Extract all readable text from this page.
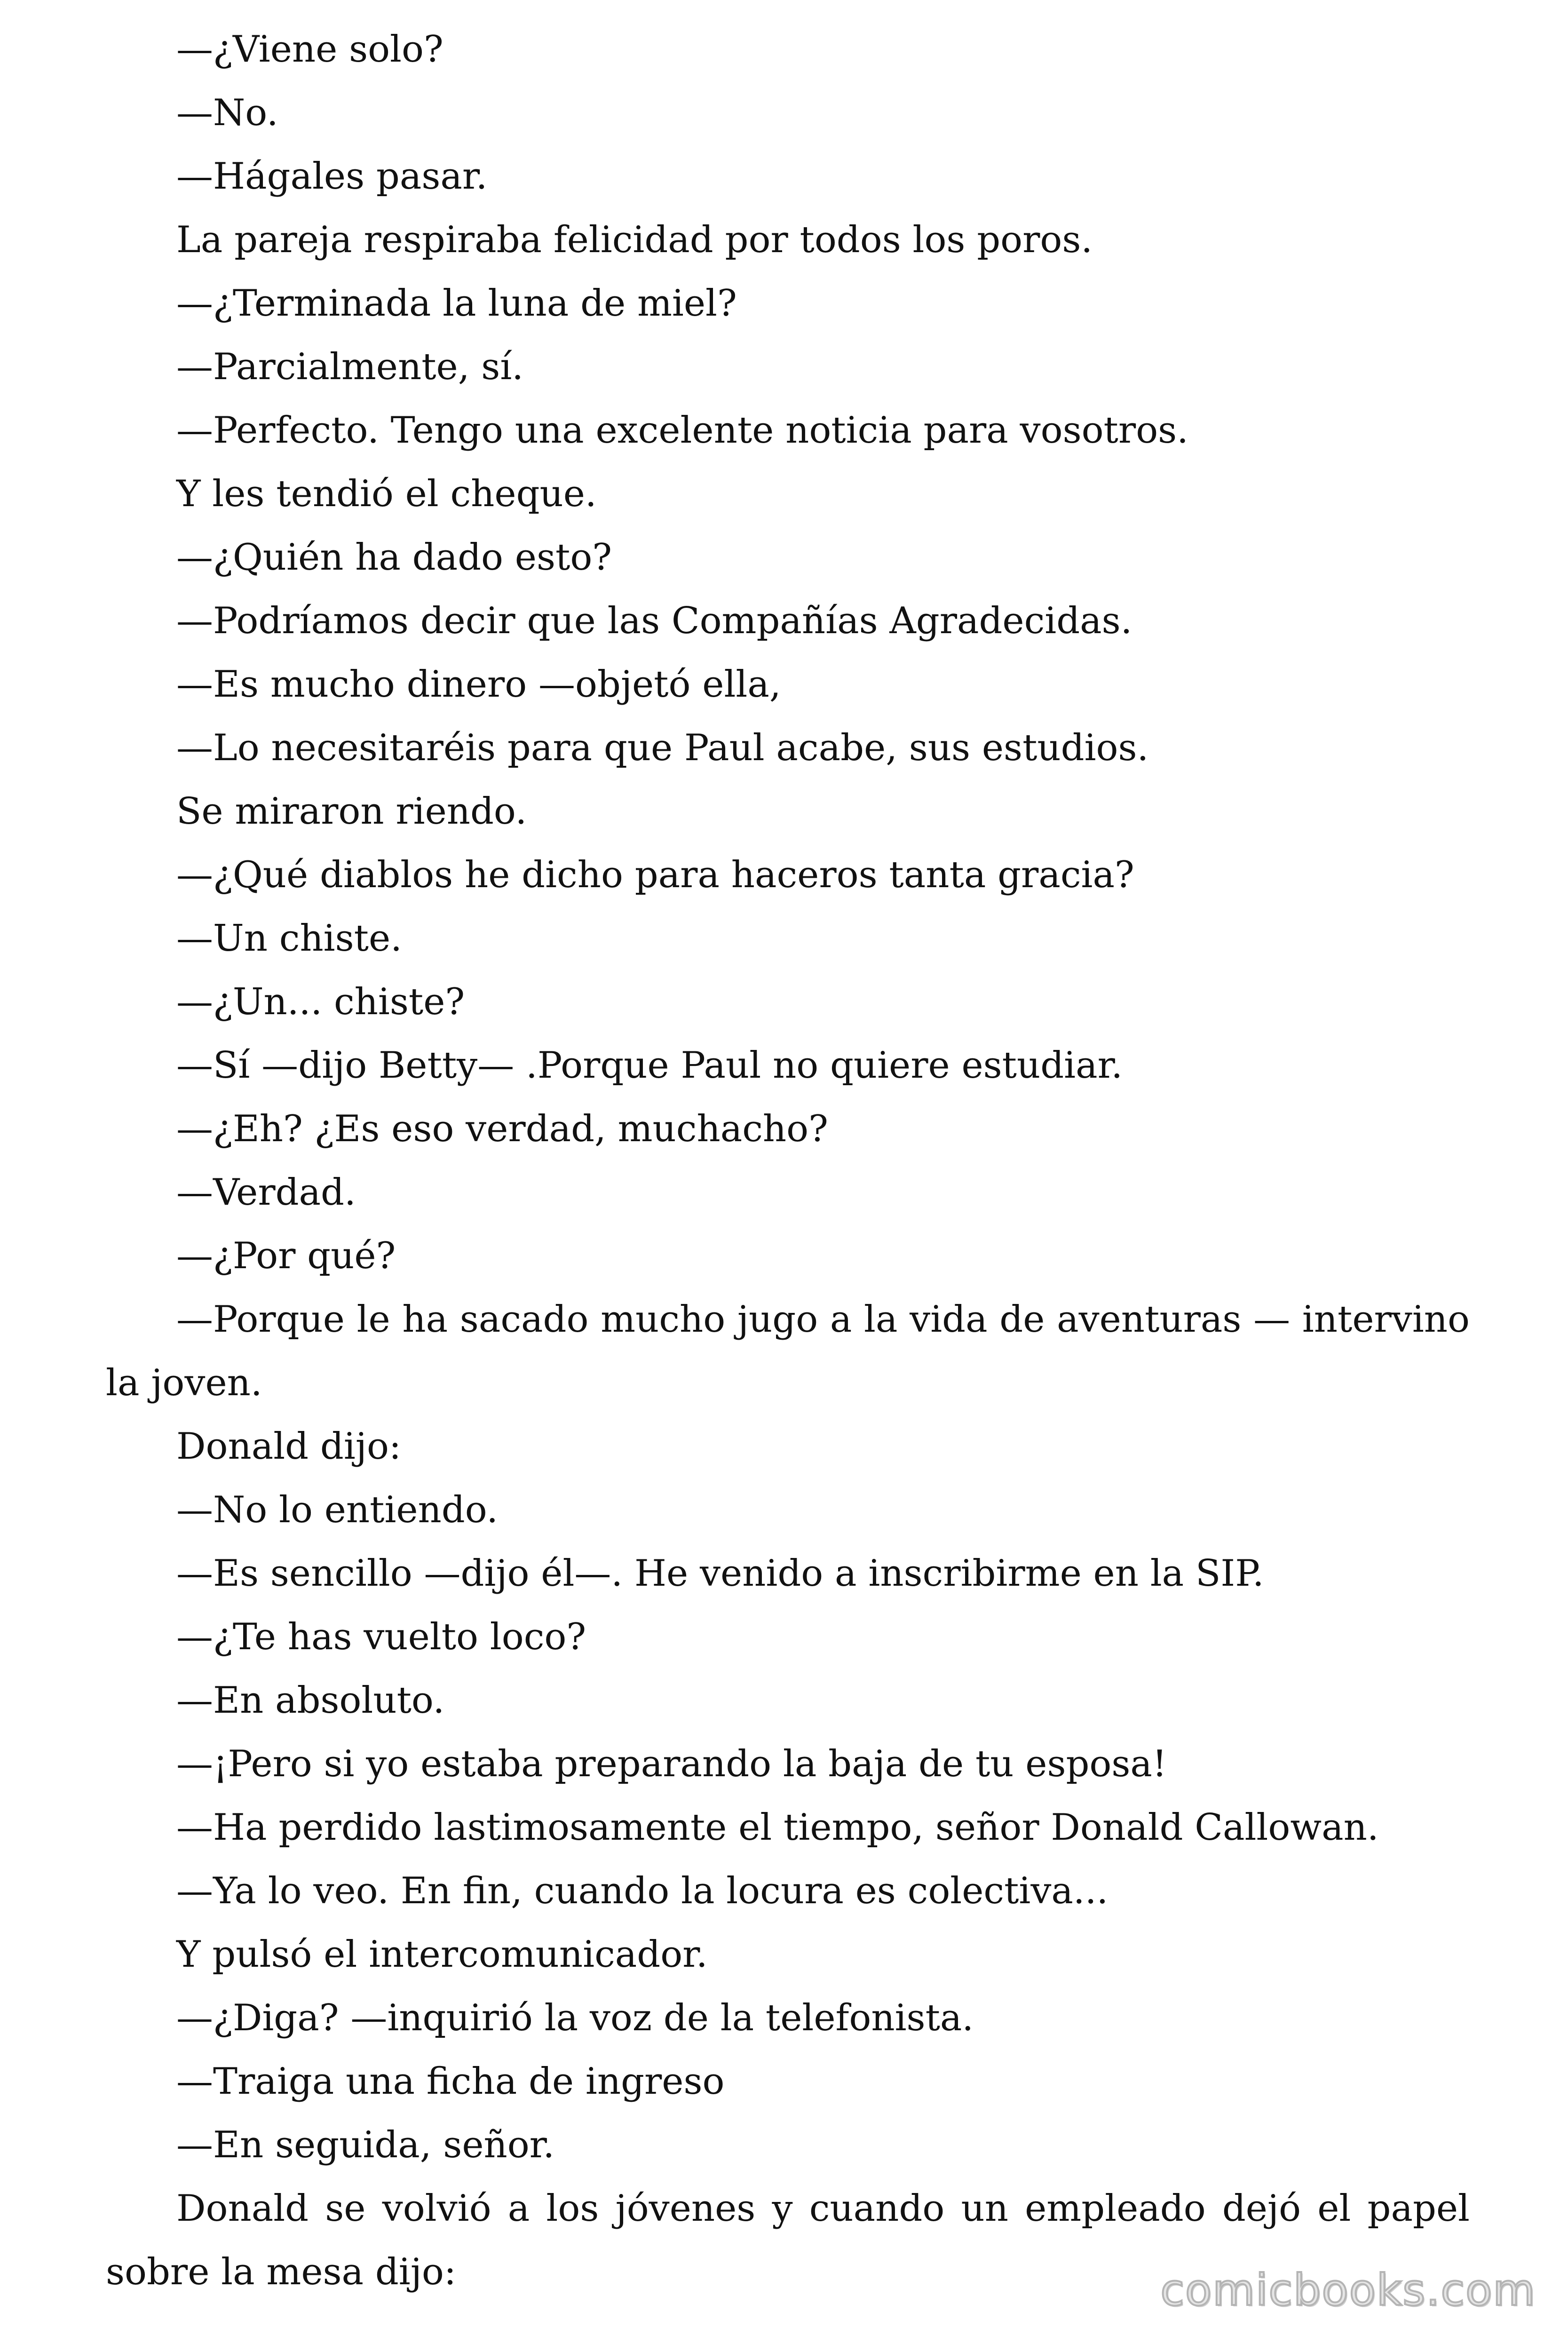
—¿Viene solo?

—No.

—Hágales pasar.

La pareja respiraba felicidad por todos los poros.

—¿Terminada la luna de miel?

—Parcialmente, sí.

—Perfecto. Tengo una excelente noticia para vosotros.

Y les tendió el cheque.

—¿Quién ha dado esto?

—Podríamos decir que las Compañías Agradecidas.

—Es mucho dinero —objetó ella,

—Lo necesitaréis para que Paul acabe, sus estudios.

Se miraron riendo.

—¿Qué diablos he dicho para haceros tanta gracia?

—Un chiste.

—¿Un... chiste?

—Sí —dijo Betty— .Porque Paul no quiere estudiar.

—¿Eh? ¿Es eso verdad, muchacho?

—Verdad.

—¿Por qué?

—Porque le ha sacado mucho jugo a la vida de aventuras — intervino la joven.

Donald dijo:

—No lo entiendo.

—Es sencillo —dijo él—. He venido a inscribirme en la SIP.

—¿Te has vuelto loco?

—En absoluto.

—¡Pero si yo estaba preparando la baja de tu esposa!

—Ha perdido lastimosamente el tiempo, señor Donald Callowan.

—Ya lo veo. En fin, cuando la locura es colectiva...

Y pulsó el intercomunicador.

—¿Diga? —inquirió la voz de la telefonista.

—Traiga una ficha de ingreso

—En seguida, señor.

Donald se volvió a los jóvenes y cuando un empleado dejó el papel sobre la mesa dijo:	comicbooks.com
